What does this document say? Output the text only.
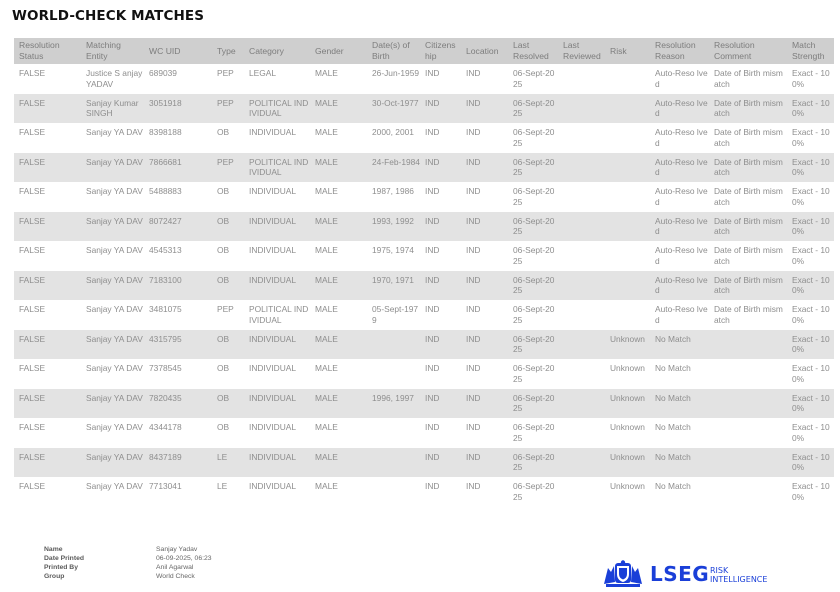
WORLD-CHECK MATCHES
Resolution Status	Matching Entity	WC UID	Type	Category	Gender	Date(s) of Birth	Citizens hip	Location	Last Resolved	Last Reviewed	Risk	Resolution Reason	Resolution Comment	Match Strength
FALSE	Justice S anjay YADAV	689039	PEP	LEGAL	MALE	26-Jun-1959	IND	IND	06-Sept-2025			Auto-Reso lved	Date of Birth mismatch	Exact - 100%
FALSE	Sanjay Kumar SINGH	3051918	PEP	POLITICAL INDIVIDUAL	MALE	30-Oct-1977	IND	IND	06-Sept-2025			Auto-Reso lved	Date of Birth mismatch	Exact - 100%
FALSE	Sanjay YA DAV	8398188	OB	INDIVIDUAL	MALE	2000, 2001	IND	IND	06-Sept-2025			Auto-Reso lved	Date of Birth mismatch	Exact - 100%
FALSE	Sanjay YA DAV	7866681	PEP	POLITICAL INDIVIDUAL	MALE	24-Feb-1984	IND	IND	06-Sept-2025			Auto-Reso lved	Date of Birth mismatch	Exact - 100%
FALSE	Sanjay YA DAV	5488883	OB	INDIVIDUAL	MALE	1987, 1986	IND	IND	06-Sept-2025			Auto-Reso lved	Date of Birth mismatch	Exact - 100%
FALSE	Sanjay YA DAV	8072427	OB	INDIVIDUAL	MALE	1993, 1992	IND	IND	06-Sept-2025			Auto-Reso lved	Date of Birth mismatch	Exact - 100%
FALSE	Sanjay YA DAV	4545313	OB	INDIVIDUAL	MALE	1975, 1974	IND	IND	06-Sept-2025			Auto-Reso lved	Date of Birth mismatch	Exact - 100%
FALSE	Sanjay YA DAV	7183100	OB	INDIVIDUAL	MALE	1970, 1971	IND	IND	06-Sept-2025			Auto-Reso lved	Date of Birth mismatch	Exact - 100%
FALSE	Sanjay YA DAV	3481075	PEP	POLITICAL INDIVIDUAL	MALE	05-Sept-1979	IND	IND	06-Sept-2025			Auto-Reso lved	Date of Birth mismatch	Exact - 100%
FALSE	Sanjay YA DAV	4315795	OB	INDIVIDUAL	MALE		IND	IND	06-Sept-2025		Unknown	No Match		Exact - 100%
FALSE	Sanjay YA DAV	7378545	OB	INDIVIDUAL	MALE		IND	IND	06-Sept-2025		Unknown	No Match		Exact - 100%
FALSE	Sanjay YA DAV	7820435	OB	INDIVIDUAL	MALE	1996, 1997	IND	IND	06-Sept-2025		Unknown	No Match		Exact - 100%
FALSE	Sanjay YA DAV	4344178	OB	INDIVIDUAL	MALE		IND	IND	06-Sept-2025		Unknown	No Match		Exact - 100%
FALSE	Sanjay YA DAV	8437189	LE	INDIVIDUAL	MALE		IND	IND	06-Sept-2025		Unknown	No Match		Exact - 100%
FALSE	Sanjay YA DAV	7713041	LE	INDIVIDUAL	MALE		IND	IND	06-Sept-2025		Unknown	No Match		Exact - 100%
Name	Sanjay Yadav
Date Printed	06-09-2025, 06:23
Printed By	Anil Agarwal
Group	World Check	LSEG RISK
INTELLIGENCE
